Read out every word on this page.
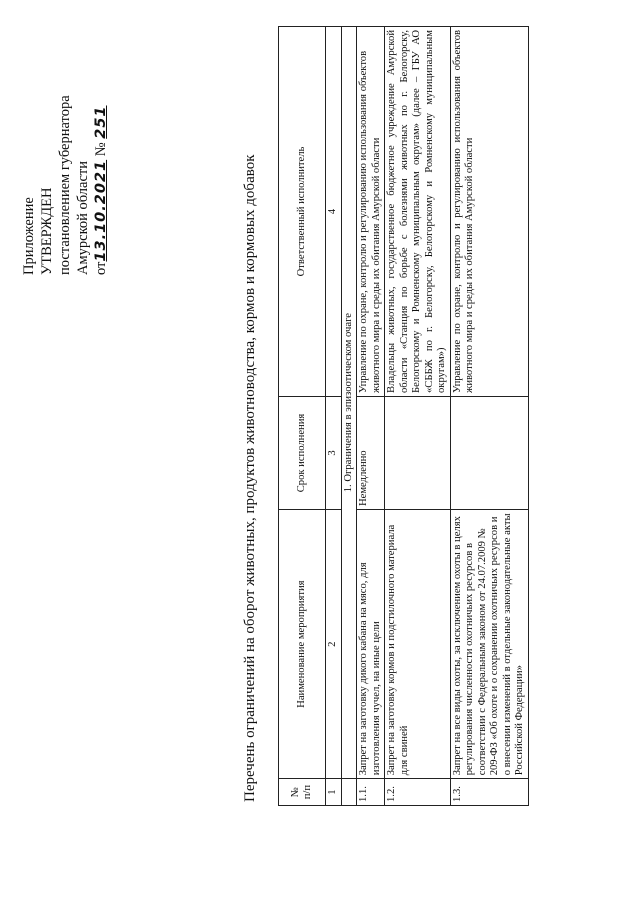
Приложение УТВЕРЖДЕН постановлением губернатора Амурской области от13.10.2021 № 251
Перечень ограничений на оборот животных, продуктов животноводства, кормов и кормовых добавок	№ п/п	Наименование мероприятия	Срок исполнения	Ответственный исполнитель
1	2	3	4
	1. Ограничения в эпизоотическом очаге		
1.1.	Запрет на заготовку дикого кабана на мясо, для изготовления чучел, на иные цели	Немедленно	Управление по охране, контролю и регулированию использования объектов животного мира и среды их обитания Амурской области
1.2.	Запрет на заготовку кормов и подстилочного материала для свиней		Владельцы животных, государственное бюджетное учреждение Амурской области «Станция по борьбе с болезнями животных по г. Белогорску, Белогорскому и Ромненскому муниципальным округам» (далее – ГБУ АО «СББЖ по г. Белогорску, Белогорскому и Ромненскому муниципальным округам»)
1.3.	Запрет на все виды охоты, за исключением охоты в целях регулирования численности охотничьих ресурсов в соответствии с Федеральным законом от 24.07.2009 № 209-ФЗ «Об охоте и о сохранении охотничьих ресурсов и о внесении изменений в отдельные законодательные акты Российской Федерации»		Управление по охране, контролю и регулированию использования объектов животного мира и среды их обитания Амурской области
